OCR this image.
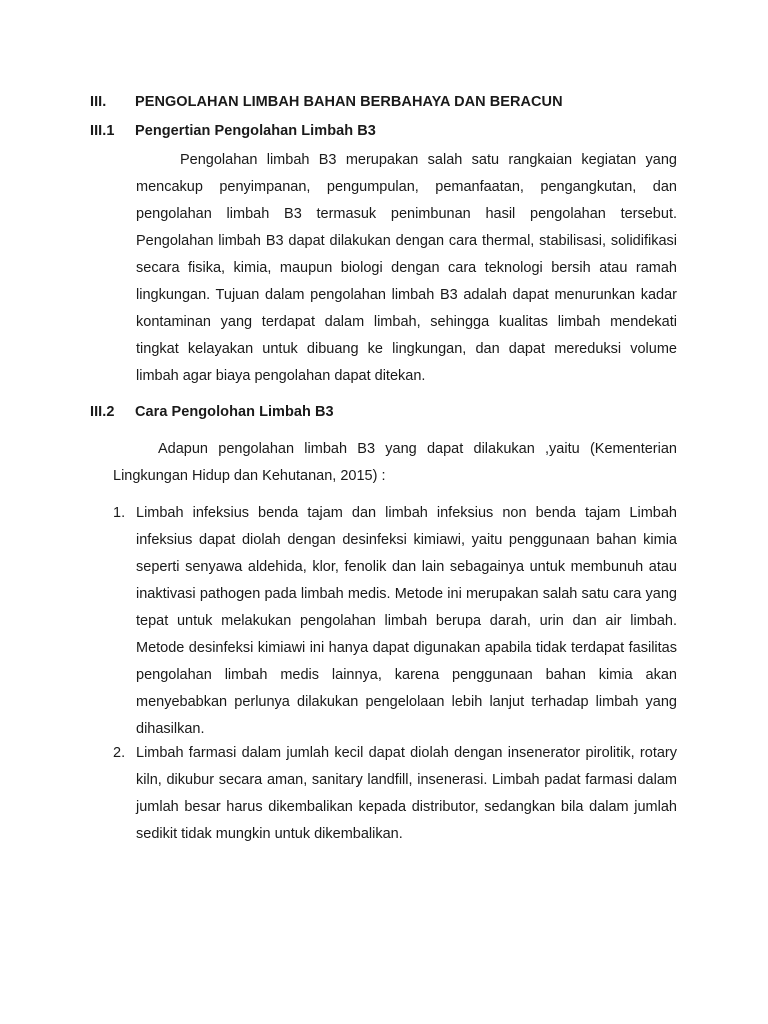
III. PENGOLAHAN LIMBAH BAHAN BERBAHAYA DAN BERACUN
III.1 Pengertian Pengolahan Limbah B3
Pengolahan limbah B3 merupakan salah satu rangkaian kegiatan yang mencakup penyimpanan, pengumpulan, pemanfaatan, pengangkutan, dan pengolahan limbah B3 termasuk penimbunan hasil pengolahan tersebut. Pengolahan limbah B3 dapat dilakukan dengan cara thermal, stabilisasi, solidifikasi secara fisika, kimia, maupun biologi dengan cara teknologi bersih atau ramah lingkungan. Tujuan dalam pengolahan limbah B3 adalah dapat menurunkan kadar kontaminan yang terdapat dalam limbah, sehingga kualitas limbah mendekati tingkat kelayakan untuk dibuang ke lingkungan, dan dapat mereduksi volume limbah agar biaya pengolahan dapat ditekan.
III.2 Cara Pengolohan Limbah B3
Adapun pengolahan limbah B3 yang dapat dilakukan ,yaitu (Kementerian Lingkungan Hidup dan Kehutanan, 2015) :
1. Limbah infeksius benda tajam dan limbah infeksius non benda tajam Limbah infeksius dapat diolah dengan desinfeksi kimiawi, yaitu penggunaan bahan kimia seperti senyawa aldehida, klor, fenolik dan lain sebagainya untuk membunuh atau inaktivasi pathogen pada limbah medis. Metode ini merupakan salah satu cara yang tepat untuk melakukan pengolahan limbah berupa darah, urin dan air limbah. Metode desinfeksi kimiawi ini hanya dapat digunakan apabila tidak terdapat fasilitas pengolahan limbah medis lainnya, karena penggunaan bahan kimia akan menyebabkan perlunya dilakukan pengelolaan lebih lanjut terhadap limbah yang dihasilkan.
2. Limbah farmasi dalam jumlah kecil dapat diolah dengan insenerator pirolitik, rotary kiln, dikubur secara aman, sanitary landfill, insenerasi. Limbah padat farmasi dalam jumlah besar harus dikembalikan kepada distributor, sedangkan bila dalam jumlah sedikit tidak mungkin untuk dikembalikan.
